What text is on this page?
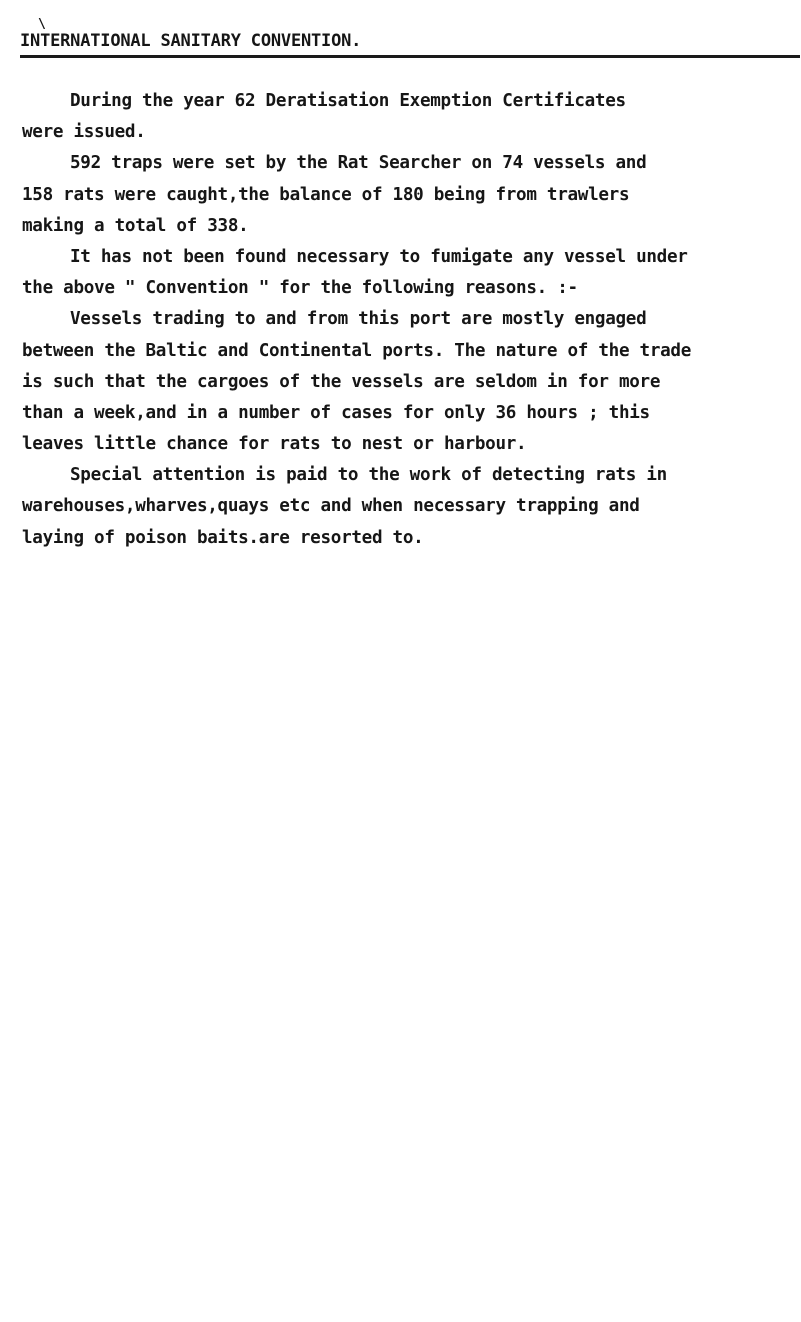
\
INTERNATIONAL SANITARY CONVENTION.
During the year 62 Deratisation Exemption Certificates
were issued.
592 traps were set by the Rat Searcher on 74 vessels and
158 rats were caught,the balance of 180 being from trawlers
making a total of 338.
It has not been found necessary to fumigate any vessel under
the above " Convention " for the following reasons. :-
Vessels trading to and from this port are mostly engaged
between the Baltic and Continental ports. The nature of the trade
is such that the cargoes of the vessels are seldom in for more
than a week,and in a number of cases for only 36 hours ; this
leaves little chance for rats to nest or harbour.
Special attention is paid to the work of detecting rats in
warehouses,wharves,quays etc and when necessary trapping and
laying of poison baits.are resorted to.
